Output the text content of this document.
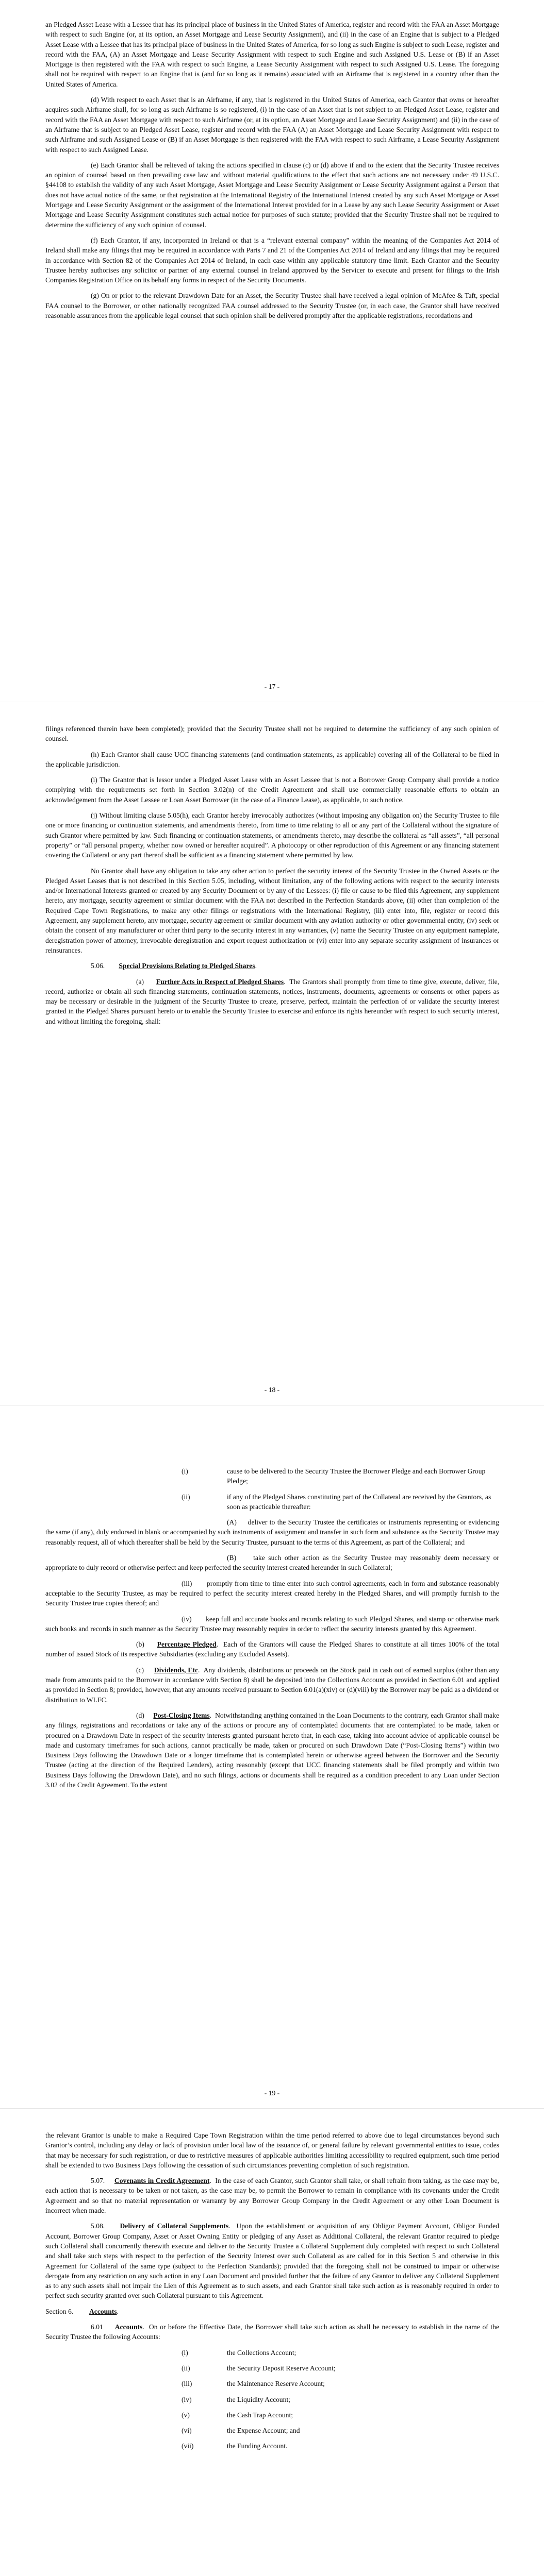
an Pledged Asset Lease with a Lessee that has its principal place of business in the United States of America, register and record with the FAA an Asset Mortgage with respect to such Engine (or, at its option, an Asset Mortgage and Lease Security Assignment), and (ii) in the case of an Engine that is subject to a Pledged Asset Lease with a Lessee that has its principal place of business in the United States of America, for so long as such Engine is subject to such Lease, register and record with the FAA, (A) an Asset Mortgage and Lease Security Assignment with respect to such Engine and such Assigned U.S. Lease or (B) if an Asset Mortgage is then registered with the FAA with respect to such Engine, a Lease Security Assignment with respect to such Assigned U.S. Lease. The foregoing shall not be required with respect to an Engine that is (and for so long as it remains) associated with an Airframe that is registered in a country other than the United States of America.

(d) With respect to each Asset that is an Airframe, if any, that is registered in the United States of America, each Grantor that owns or hereafter acquires such Airframe shall, for so long as such Airframe is so registered, (i) in the case of an Asset that is not subject to an Pledged Asset Lease, register and record with the FAA an Asset Mortgage with respect to such Airframe (or, at its option, an Asset Mortgage and Lease Security Assignment) and (ii) in the case of an Airframe that is subject to an Pledged Asset Lease, register and record with the FAA (A) an Asset Mortgage and Lease Security Assignment with respect to such Airframe and such Assigned Lease or (B) if an Asset Mortgage is then registered with the FAA with respect to such Airframe, a Lease Security Assignment with respect to such Assigned Lease.

(e) Each Grantor shall be relieved of taking the actions specified in clause (c) or (d) above if and to the extent that the Security Trustee receives an opinion of counsel based on then prevailing case law and without material qualifications to the effect that such actions are not necessary under 49 U.S.C. §44108 to establish the validity of any such Asset Mortgage, Asset Mortgage and Lease Security Assignment or Lease Security Assignment against a Person that does not have actual notice of the same, or that registration at the International Registry of the International Interest created by any such Asset Mortgage or Asset Mortgage and Lease Security Assignment or the assignment of the International Interest provided for in a Lease by any such Lease Security Assignment or Asset Mortgage and Lease Security Assignment constitutes such actual notice for purposes of such statute; provided that the Security Trustee shall not be required to determine the sufficiency of any such opinion of counsel.

(f) Each Grantor, if any, incorporated in Ireland or that is a “relevant external company” within the meaning of the Companies Act 2014 of Ireland shall make any filings that may be required in accordance with Parts 7 and 21 of the Companies Act 2014 of Ireland and any filings that may be required in accordance with Section 82 of the Companies Act 2014 of Ireland, in each case within any applicable statutory time limit. Each Grantor and the Security Trustee hereby authorises any solicitor or partner of any external counsel in Ireland approved by the Servicer to execute and present for filings to the Irish Companies Registration Office on its behalf any forms in respect of the Security Documents.

(g) On or prior to the relevant Drawdown Date for an Asset, the Security Trustee shall have received a legal opinion of McAfee & Taft, special FAA counsel to the Borrower, or other nationally recognized FAA counsel addressed to the Security Trustee (or, in each case, the Grantor shall have received reasonable assurances from the applicable legal counsel that such opinion shall be delivered promptly after the applicable registrations, recordations and

- 17 -

filings referenced therein have been completed); provided that the Security Trustee shall not be required to determine the sufficiency of any such opinion of counsel.

(h) Each Grantor shall cause UCC financing statements (and continuation statements, as applicable) covering all of the Collateral to be filed in the applicable jurisdiction.

(i) The Grantor that is lessor under a Pledged Asset Lease with an Asset Lessee that is not a Borrower Group Company shall provide a notice complying with the requirements set forth in Section 3.02(n) of the Credit Agreement and shall use commercially reasonable efforts to obtain an acknowledgement from the Asset Lessee or Loan Asset Borrower (in the case of a Finance Lease), as applicable, to such notice.

(j) Without limiting clause 5.05(h), each Grantor hereby irrevocably authorizes (without imposing any obligation on) the Security Trustee to file one or more financing or continuation statements, and amendments thereto, from time to time relating to all or any part of the Collateral without the signature of such Grantor where permitted by law. Such financing or continuation statements, or amendments thereto, may describe the collateral as “all assets”, “all personal property” or “all personal property, whether now owned or hereafter acquired”. A photocopy or other reproduction of this Agreement or any financing statement covering the Collateral or any part thereof shall be sufficient as a financing statement where permitted by law.

No Grantor shall have any obligation to take any other action to perfect the security interest of the Security Trustee in the Owned Assets or the Pledged Asset Leases that is not described in this Section 5.05, including, without limitation, any of the following actions with respect to the security interests and/or International Interests granted or created by any Security Document or by any of the Lessees: (i) file or cause to be filed this Agreement, any supplement hereto, any mortgage, security agreement or similar document with the FAA not described in the Perfection Standards above, (ii) other than completion of the Required Cape Town Registrations, to make any other filings or registrations with the International Registry, (iii) enter into, file, register or record this Agreement, any supplement hereto, any mortgage, security agreement or similar document with any aviation authority or other governmental entity, (iv) seek or obtain the consent of any manufacturer or other third party to the security interest in any warranties, (v) name the Security Trustee on any equipment nameplate, deregistration power of attorney, irrevocable deregistration and export request authorization or (vi) enter into any separate security assignment of insurances or reinsurances.

5.06. Special Provisions Relating to Pledged Shares.

(a) Further Acts in Respect of Pledged Shares.  The Grantors shall promptly from time to time give, execute, deliver, file, record, authorize or obtain all such financing statements, continuation statements, notices, instruments, documents, agreements or consents or other papers as may be necessary or desirable in the judgment of the Security Trustee to create, preserve, perfect, maintain the perfection of or validate the security interest granted in the Pledged Shares pursuant hereto or to enable the Security Trustee to exercise and enforce its rights hereunder with respect to such security interest, and without limiting the foregoing, shall:

- 18 -
(i)	cause to be delivered to the Security Trustee the Borrower Pledge and each Borrower Group Pledge;
(ii)	if any of the Pledged Shares constituting part of the Collateral are received by the Grantors, as soon as practicable thereafter:

(A) deliver to the Security Trustee the certificates or instruments representing or evidencing the same (if any), duly endorsed in blank or accompanied by such instruments of assignment and transfer in such form and substance as the Security Trustee may reasonably request, all of which thereafter shall be held by the Security Trustee, pursuant to the terms of this Agreement, as part of the Collateral; and

(B) take such other action as the Security Trustee may reasonably deem necessary or appropriate to duly record or otherwise perfect and keep perfected the security interest created hereunder in such Collateral;

(iii) promptly from time to time enter into such control agreements, each in form and substance reasonably acceptable to the Security Trustee, as may be required to perfect the security interest created hereby in the Pledged Shares, and will promptly furnish to the Security Trustee true copies thereof; and

(iv) keep full and accurate books and records relating to such Pledged Shares, and stamp or otherwise mark such books and records in such manner as the Security Trustee may reasonably require in order to reflect the security interests granted by this Agreement.

(b) Percentage Pledged.  Each of the Grantors will cause the Pledged Shares to constitute at all times 100% of the total number of issued Stock of its respective Subsidiaries (excluding any Excluded Assets).

(c) Dividends, Etc.  Any dividends, distributions or proceeds on the Stock paid in cash out of earned surplus (other than any made from amounts paid to the Borrower in accordance with Section 8) shall be deposited into the Collections Account as provided in Section 6.01 and applied as provided in Section 8; provided, however, that any amounts received pursuant to Section 6.01(a)(xiv) or (d)(viii) by the Borrower may be paid as a dividend or distribution to WLFC.

(d) Post-Closing Items.  Notwithstanding anything contained in the Loan Documents to the contrary, each Grantor shall make any filings, registrations and recordations or take any of the actions or procure any of contemplated documents that are contemplated to be made, taken or procured on a Drawdown Date in respect of the security interests granted pursuant hereto that, in each case, taking into account advice of applicable counsel be made and customary timeframes for such actions, cannot practically be made, taken or procured on such Drawdown Date (“Post-Closing Items”) within two Business Days following the Drawdown Date or a longer timeframe that is contemplated herein or otherwise agreed between the Borrower and the Security Trustee (acting at the direction of the Required Lenders), acting reasonably (except that UCC financing statements shall be filed promptly and within two Business Days following the Drawdown Date), and no such filings, actions or documents shall be required as a condition precedent to any Loan under Section 3.02 of the Credit Agreement. To the extent

- 19 -

the relevant Grantor is unable to make a Required Cape Town Registration within the time period referred to above due to legal circumstances beyond such Grantor’s control, including any delay or lack of provision under local law of the issuance of, or general failure by relevant governmental entities to issue, codes that may be necessary for such registration, or due to restrictive measures of applicable authorities limiting accessibility to required equipment, such time period shall be extended to two Business Days following the cessation of such circumstances preventing completion of such registration.

5.07. Covenants in Credit Agreement.  In the case of each Grantor, such Grantor shall take, or shall refrain from taking, as the case may be, each action that is necessary to be taken or not taken, as the case may be, to permit the Borrower to remain in compliance with its covenants under the Credit Agreement and so that no material representation or warranty by any Borrower Group Company in the Credit Agreement or any other Loan Document is incorrect when made.

5.08. Delivery of Collateral Supplements.  Upon the establishment or acquisition of any Obligor Payment Account, Obligor Funded Account, Borrower Group Company, Asset or Asset Owning Entity or pledging of any Asset as Additional Collateral, the relevant Grantor required to pledge such Collateral shall concurrently therewith execute and deliver to the Security Trustee a Collateral Supplement duly completed with respect to such Collateral and shall take such steps with respect to the perfection of the Security Interest over such Collateral as are called for in this Section 5 and otherwise in this Agreement for Collateral of the same type (subject to the Perfection Standards); provided that the foregoing shall not be construed to impair or otherwise derogate from any restriction on any such action in any Loan Document and provided further that the failure of any Grantor to deliver any Collateral Supplement as to any such assets shall not impair the Lien of this Agreement as to such assets, and each Grantor shall take such action as is reasonably required in order to perfect such security granted over such Collateral pursuant to this Agreement.

Section 6. Accounts.

6.01 Accounts.  On or before the Effective Date, the Borrower shall take such action as shall be necessary to establish in the name of the Security Trustee the following Accounts:

(i)	the Collections Account;
(ii)	the Security Deposit Reserve Account;
(iii)	the Maintenance Reserve Account;
(iv)	the Liquidity Account;
(v)	the Cash Trap Account;
(vi)	the Expense Account; and
(vii)	the Funding Account.
